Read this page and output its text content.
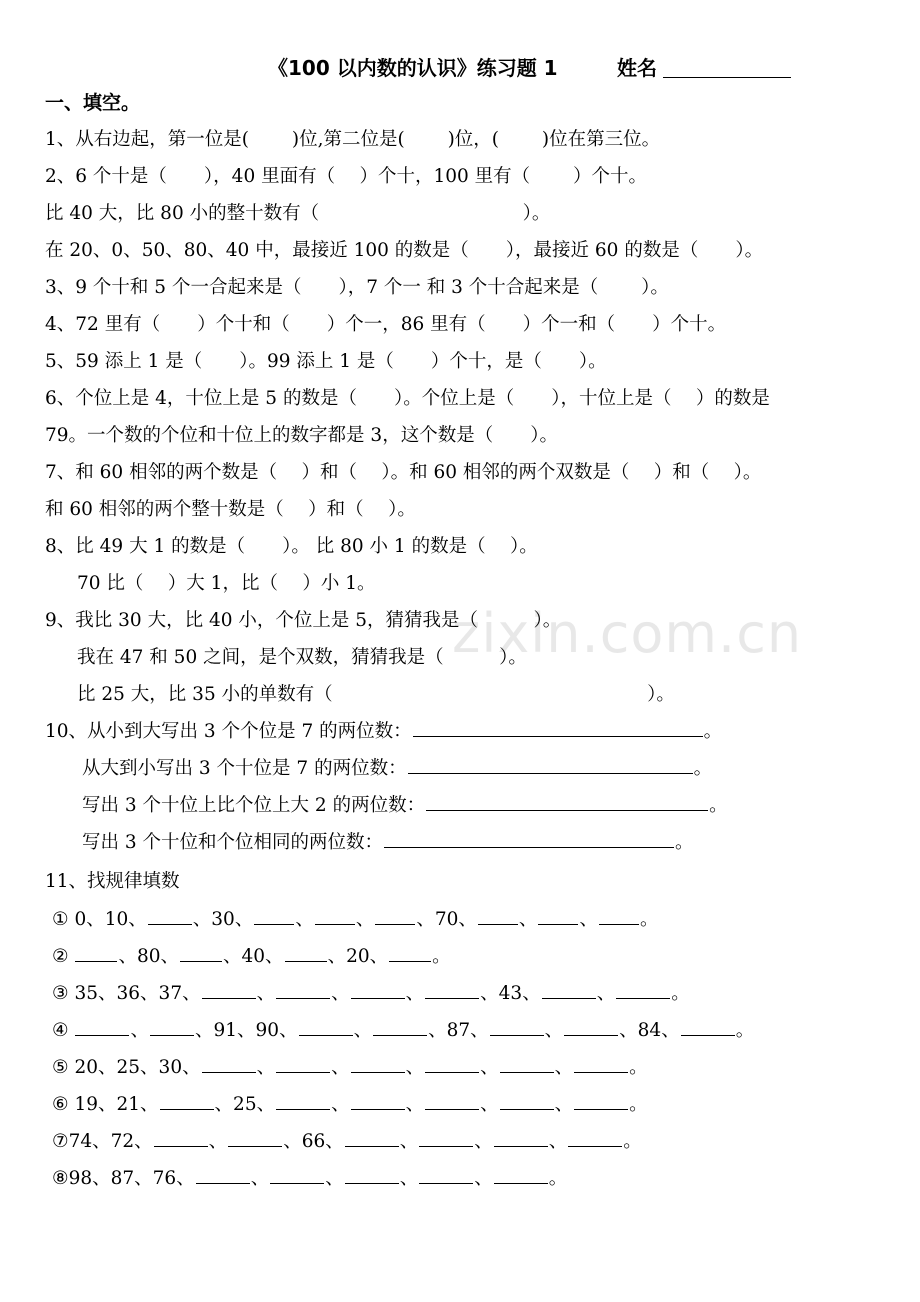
《100 以内数的认识》练习题 1	姓名
一、填空。
1、从右边起，第一位是(　　 )位,第二位是(　　 )位，(　　 )位在第三位。
2、6 个十是（　　），40 里面有（　 ）个十，100 里有（　　 ）个十。
比 40 大，比 80 小的整十数有（　　　　　　　　　　　）。
在 20、0、50、80、40 中，最接近 100 的数是（　　），最接近 60 的数是（　　）。
3、9 个十和 5 个一合起来是（　　），7 个一 和 3 个十合起来是（　　 ）。
4、72 里有（　　）个十和（　　）个一，86 里有（　　）个一和（　　）个十。
5、59 添上 1 是（　　）。99 添上 1 是（　　）个十，是（　　）。
6、个位上是 4，十位上是 5 的数是（　　）。个位上是（　　），十位上是（　 ）的数是
79。一个数的个位和十位上的数字都是 3，这个数是（　　）。
7、和 60 相邻的两个数是（　 ）和（　 ）。和 60 相邻的两个双数是（　 ）和（　 ）。
和 60 相邻的两个整十数是（　 ）和（　 ）。
8、比 49 大 1 的数是（　　）。 比 80 小 1 的数是（　 ）。
70 比（　 ）大 1，比（　 ）小 1。
9、我比 30 大，比 40 小，个位上是 5，猜猜我是（　　　）。
我在 47 和 50 之间，是个双数，猜猜我是（　　　）。
比 25 大，比 35 小的单数有（　　　　　　　　　　　　　　　　　）。
10、从小到大写出 3 个个位是 7 的两位数：	。
从大到小写出 3 个十位是 7 的两位数：	。
写出 3 个十位上比个位上大 2 的两位数：	。
写出 3 个十位和个位相同的两位数：	。
11、找规律填数
① 0、10、 、30、 、 、 、70、 、 、 。
② 、80、 、40、 、20、 。
③ 35、36、37、	、	、	、	、43、	、	。
④	、 、91、90、	、	、87、	、	、84、	。
⑤ 20、25、30、	、	、	、	、	、	。
⑥ 19、21、	、25、	、	、	、	、	。
⑦74、72、	、	、66、	、	、	、	。
⑧98、87、76、	、	、	、	、	。
zixin.com.cn
